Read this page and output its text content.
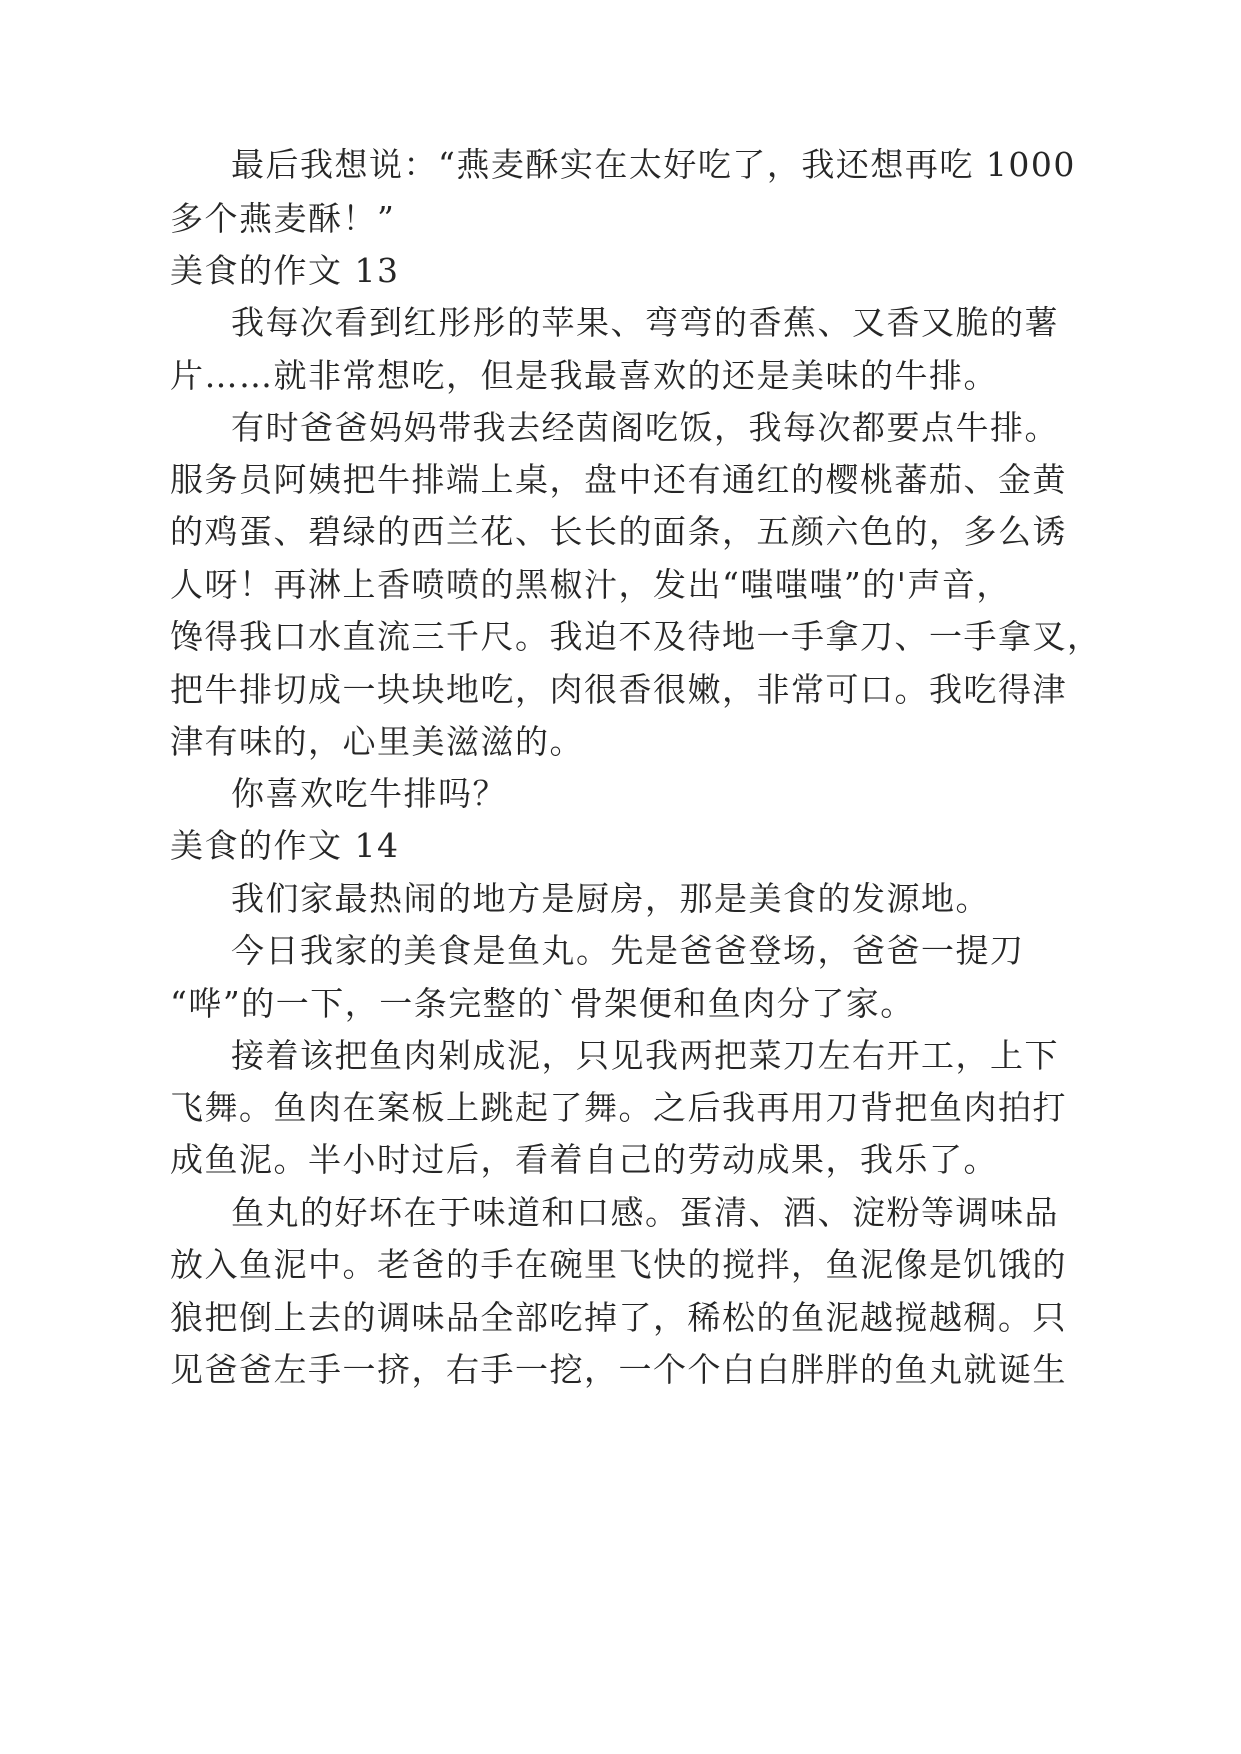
最后我想说：“燕麦酥实在太好吃了，我还想再吃 1000
多个燕麦酥！”
美食的作文 13
我每次看到红彤彤的苹果、弯弯的香蕉、又香又脆的薯
片……就非常想吃，但是我最喜欢的还是美味的牛排。
有时爸爸妈妈带我去经茵阁吃饭，我每次都要点牛排。
服务员阿姨把牛排端上桌，盘中还有通红的樱桃蕃茄、金黄
的鸡蛋、碧绿的西兰花、长长的面条，五颜六色的，多么诱
人呀！再淋上香喷喷的黑椒汁，发出“嗤嗤嗤”的'声音，
馋得我口水直流三千尺。我迫不及待地一手拿刀、一手拿叉，
把牛排切成一块块地吃，肉很香很嫩，非常可口。我吃得津
津有味的，心里美滋滋的。
你喜欢吃牛排吗？
美食的作文 14
我们家最热闹的地方是厨房，那是美食的发源地。
今日我家的美食是鱼丸。先是爸爸登场，爸爸一提刀
“哗”的一下，一条完整的`骨架便和鱼肉分了家。
接着该把鱼肉剁成泥，只见我两把菜刀左右开工，上下
飞舞。鱼肉在案板上跳起了舞。之后我再用刀背把鱼肉拍打
成鱼泥。半小时过后，看着自己的劳动成果，我乐了。
鱼丸的好坏在于味道和口感。蛋清、酒、淀粉等调味品
放入鱼泥中。老爸的手在碗里飞快的搅拌，鱼泥像是饥饿的
狼把倒上去的调味品全部吃掉了，稀松的鱼泥越搅越稠。只
见爸爸左手一挤，右手一挖，一个个白白胖胖的鱼丸就诞生
